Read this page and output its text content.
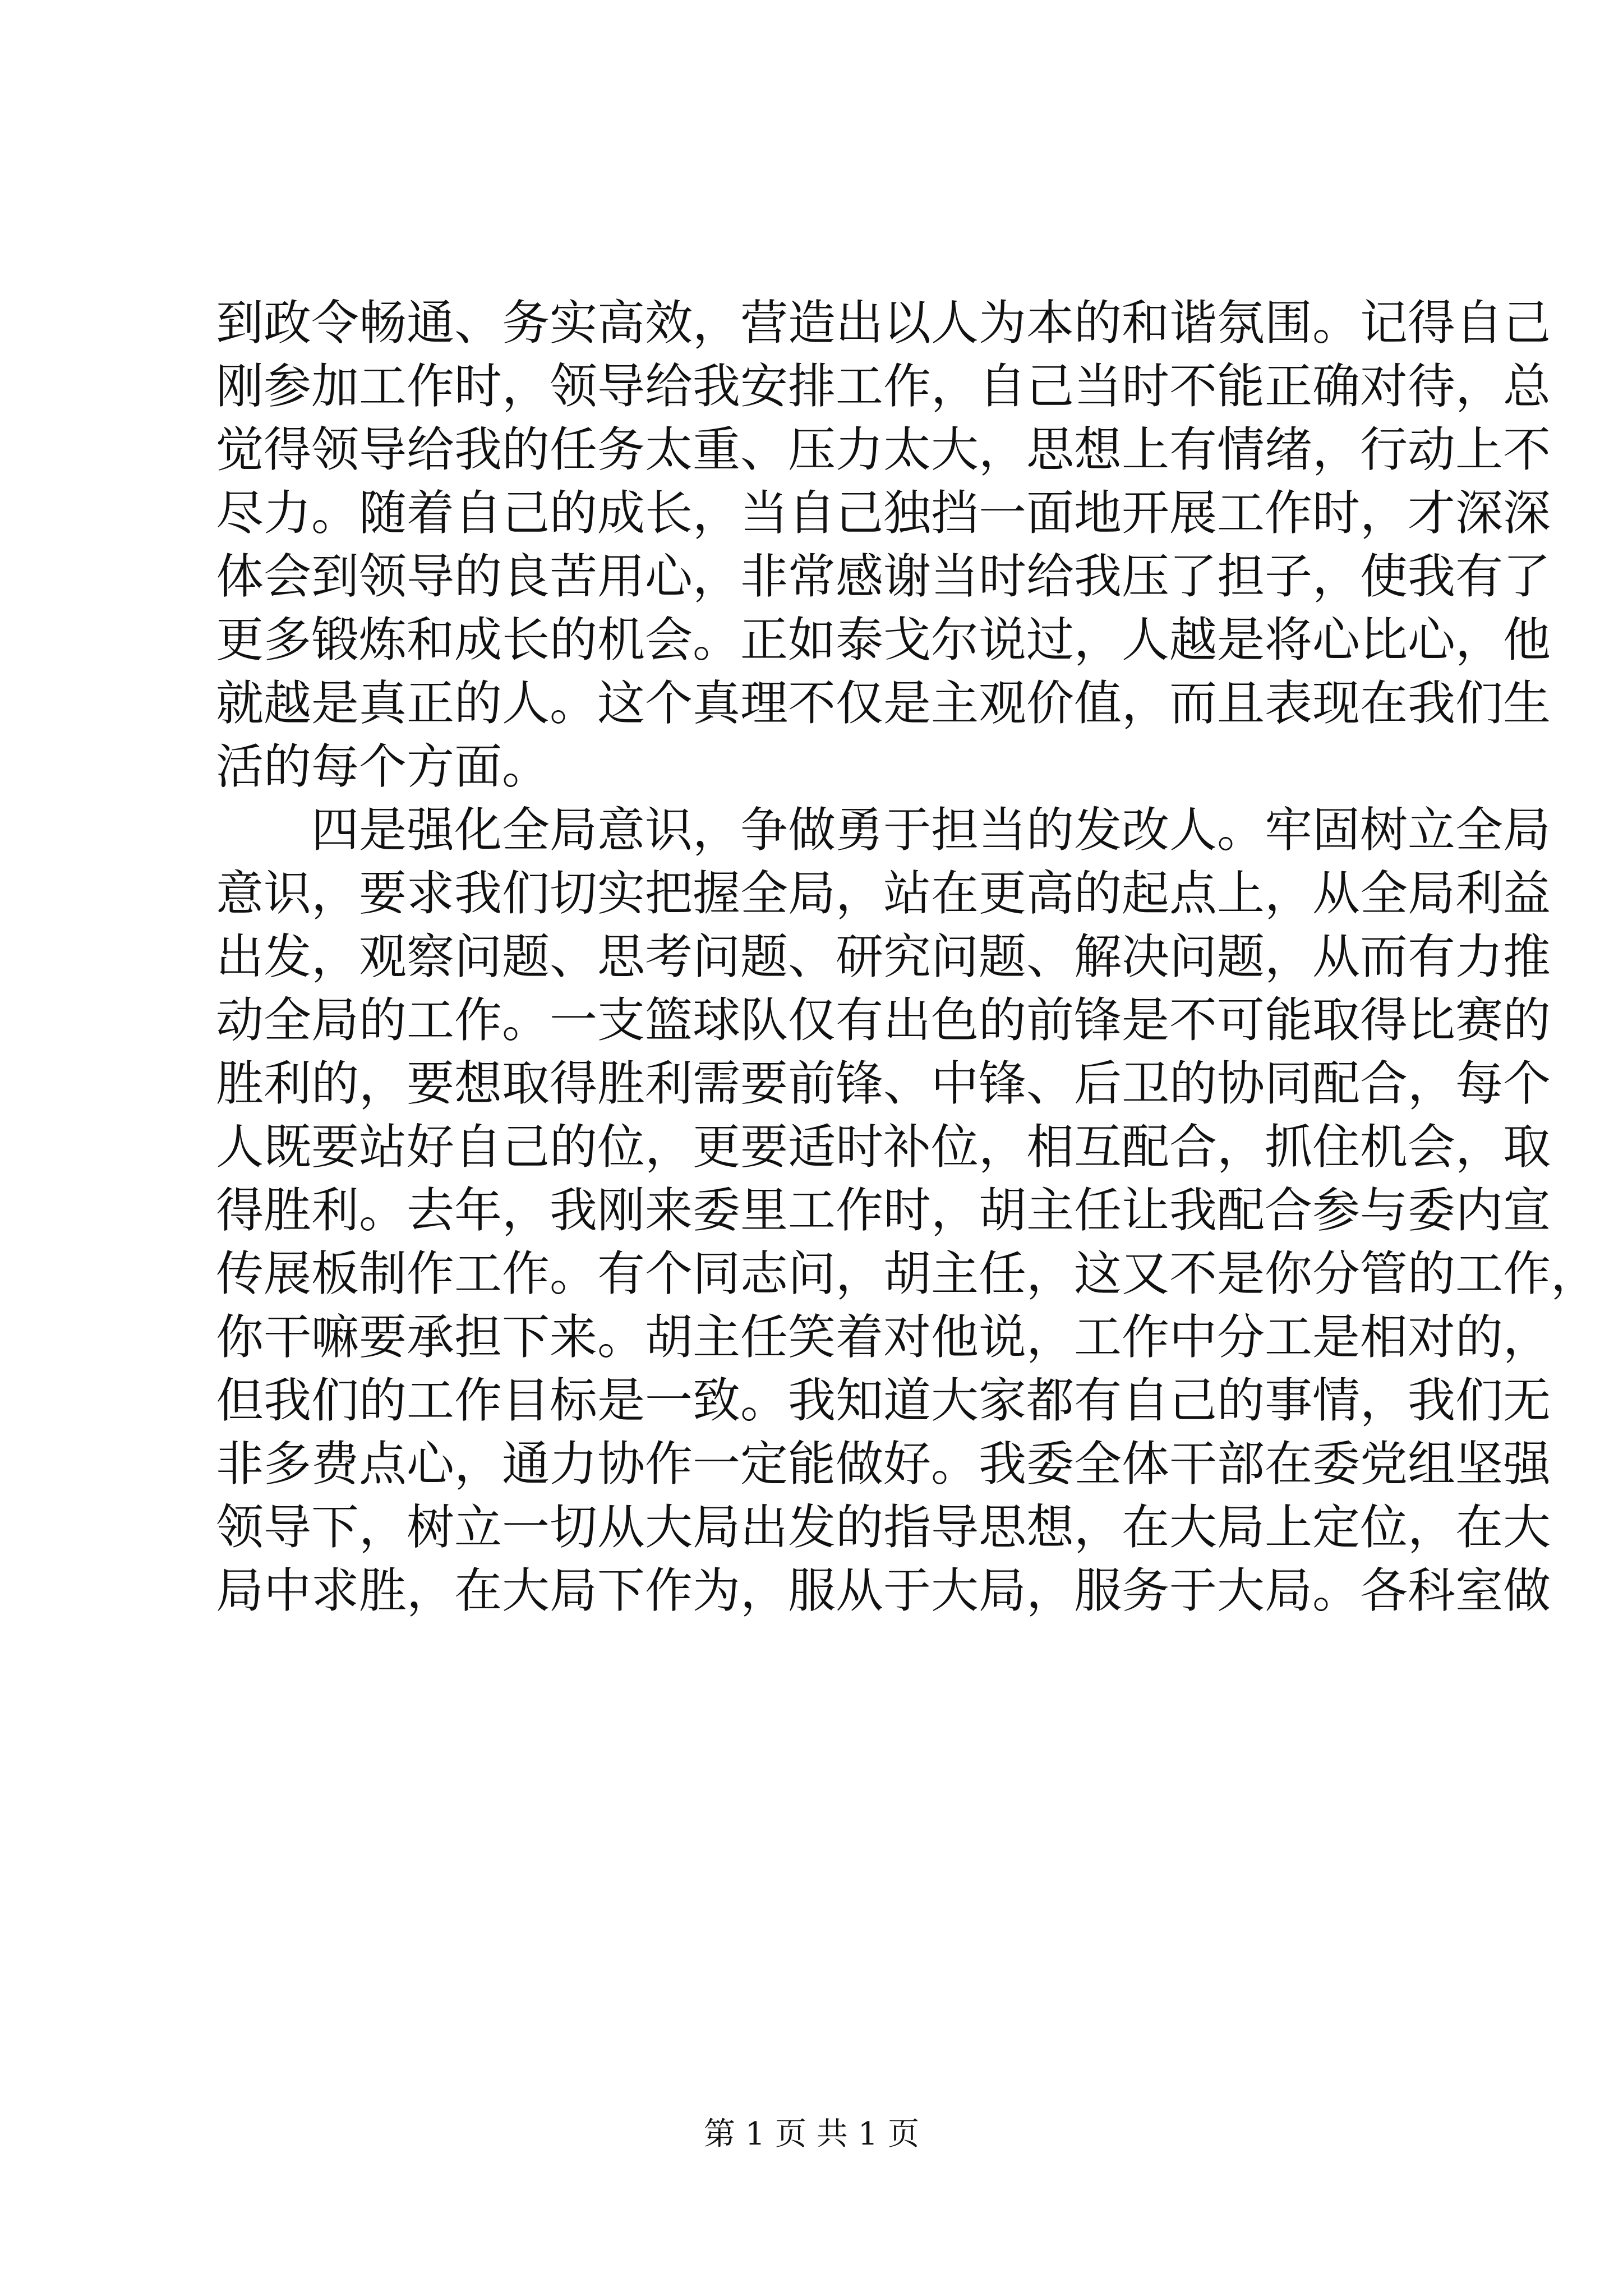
到政令畅通、务实高效，营造出以人为本的和谐氛围。记得自己
刚参加工作时，领导给我安排工作，自己当时不能正确对待，总
觉得领导给我的任务太重、压力太大，思想上有情绪，行动上不
尽力。随着自己的成长，当自己独挡一面地开展工作时，才深深
体会到领导的良苦用心，非常感谢当时给我压了担子，使我有了
更多锻炼和成长的机会。正如泰戈尔说过，人越是将心比心，他
就越是真正的人。这个真理不仅是主观价值，而且表现在我们生
活的每个方面。
四是强化全局意识，争做勇于担当的发改人。牢固树立全局
意识，要求我们切实把握全局，站在更高的起点上，从全局利益
出发，观察问题、思考问题、研究问题、解决问题，从而有力推
动全局的工作。一支篮球队仅有出色的前锋是不可能取得比赛的
胜利的，要想取得胜利需要前锋、中锋、后卫的协同配合，每个
人既要站好自己的位，更要适时补位，相互配合，抓住机会，取
得胜利。去年，我刚来委里工作时，胡主任让我配合参与委内宣
传展板制作工作。有个同志问，胡主任，这又不是你分管的工作，
你干嘛要承担下来。胡主任笑着对他说，工作中分工是相对的，
但我们的工作目标是一致。我知道大家都有自己的事情，我们无
非多费点心，通力协作一定能做好。我委全体干部在委党组坚强
领导下，树立一切从大局出发的指导思想，在大局上定位，在大
局中求胜，在大局下作为，服从于大局，服务于大局。各科室做
第 1 页 共 1 页
